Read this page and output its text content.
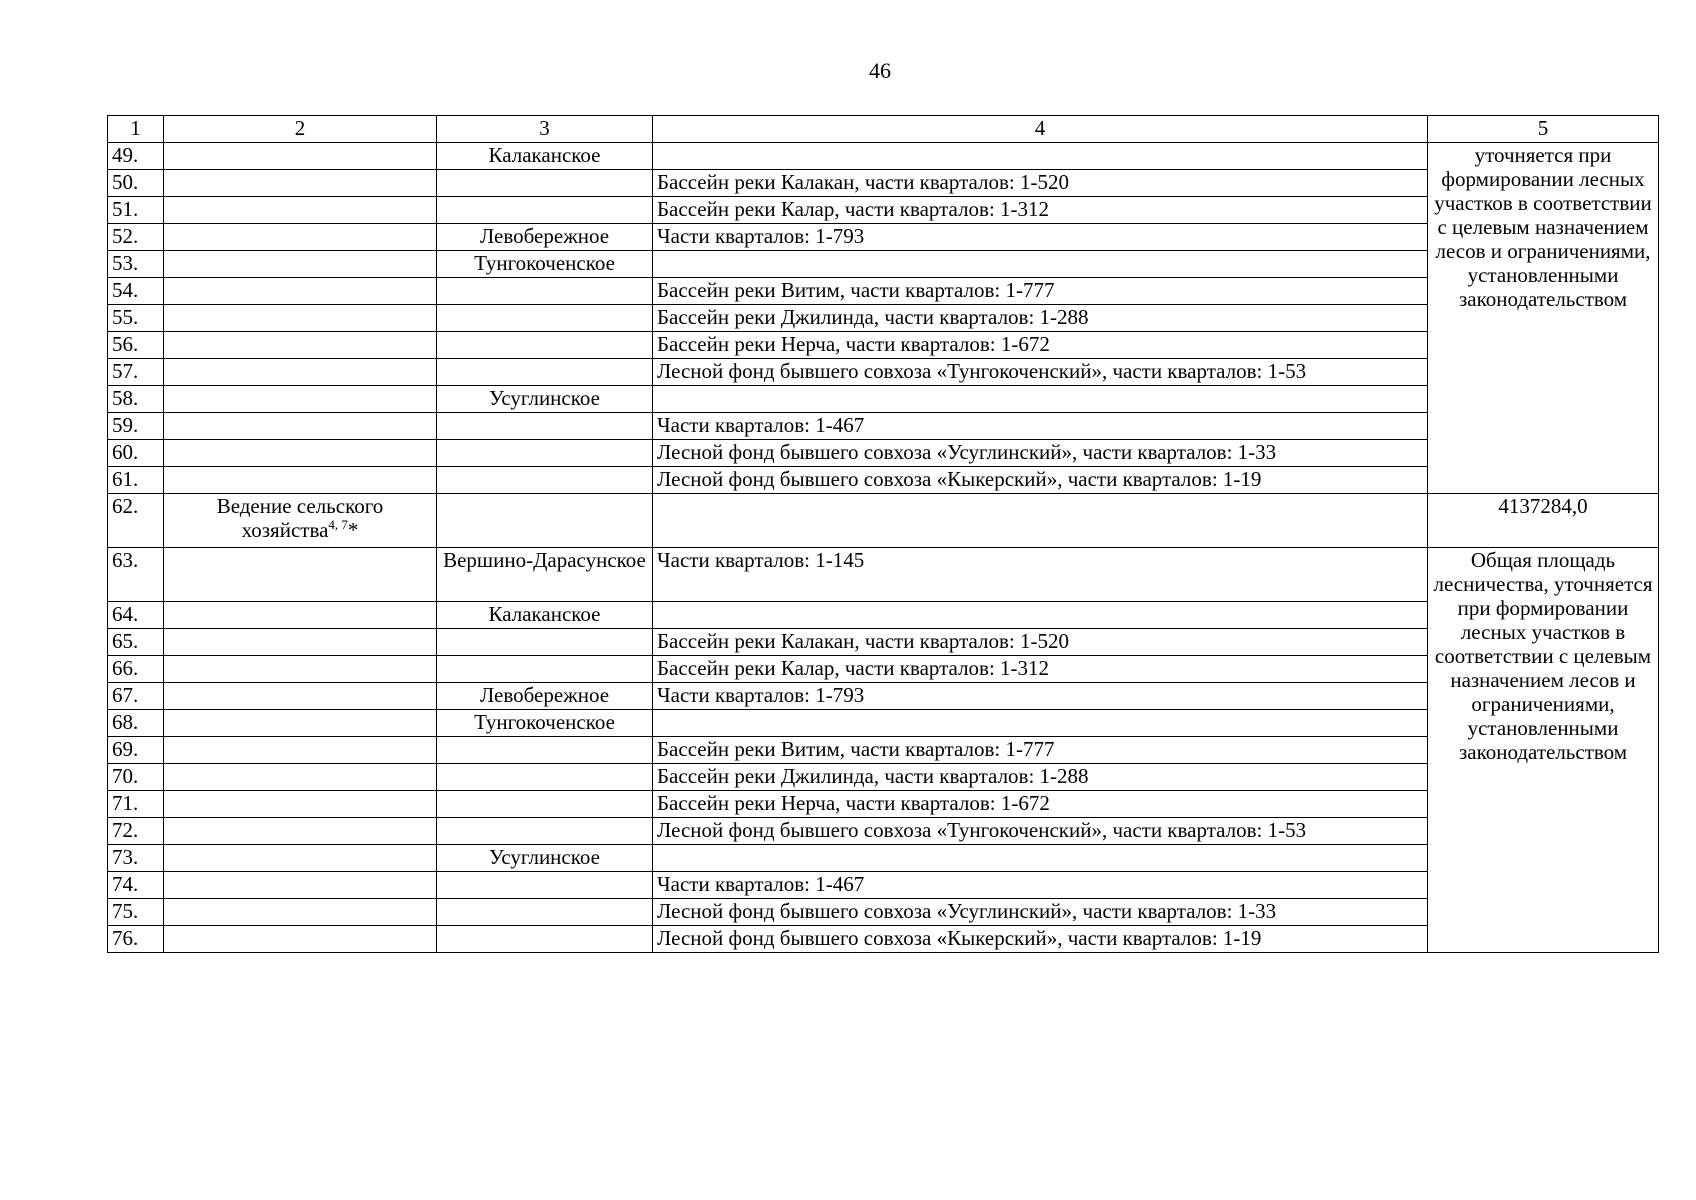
46
1	2	3	4	5
49.		Калаканское		уточняется при формировании лесных участков в соответствии с целевым назначением лесов и ограничениями, установленными законодательством
50.			Бассейн реки Калакан, части кварталов: 1-520	
51.			Бассейн реки Калар, части кварталов: 1-312	
52.		Левобережное	Части кварталов: 1-793	
53.		Тунгокоченское		
54.			Бассейн реки Витим, части кварталов: 1-777	
55.			Бассейн реки Джилинда, части кварталов: 1-288	
56.			Бассейн реки Нерча, части кварталов: 1-672	
57.			Лесной фонд бывшего совхоза «Тунгокоченский», части кварталов: 1-53	
58.		Усуглинское		
59.			Части кварталов: 1-467	
60.			Лесной фонд бывшего совхоза «Усуглинский», части кварталов: 1-33	
61.			Лесной фонд бывшего совхоза «Кыкерский», части кварталов: 1-19	
62.	Ведение сельского хозяйства$^{4, 7}$*			4137284,0
63.		Вершино-Дарасунское	Части кварталов: 1-145	Общая площадь лесничества, уточняется при формировании лесных участков в соответствии с целевым назначением лесов и ограничениями, установленными законодательством
64.		Калаканское		
65.			Бассейн реки Калакан, части кварталов: 1-520	
66.			Бассейн реки Калар, части кварталов: 1-312	
67.		Левобережное	Части кварталов: 1-793	
68.		Тунгокоченское		
69.			Бассейн реки Витим, части кварталов: 1-777	
70.			Бассейн реки Джилинда, части кварталов: 1-288	
71.			Бассейн реки Нерча, части кварталов: 1-672	
72.			Лесной фонд бывшего совхоза «Тунгокоченский», части кварталов: 1-53	
73.		Усуглинское		
74.			Части кварталов: 1-467	
75.			Лесной фонд бывшего совхоза «Усуглинский», части кварталов: 1-33	
76.			Лесной фонд бывшего совхоза «Кыкерский», части кварталов: 1-19	
